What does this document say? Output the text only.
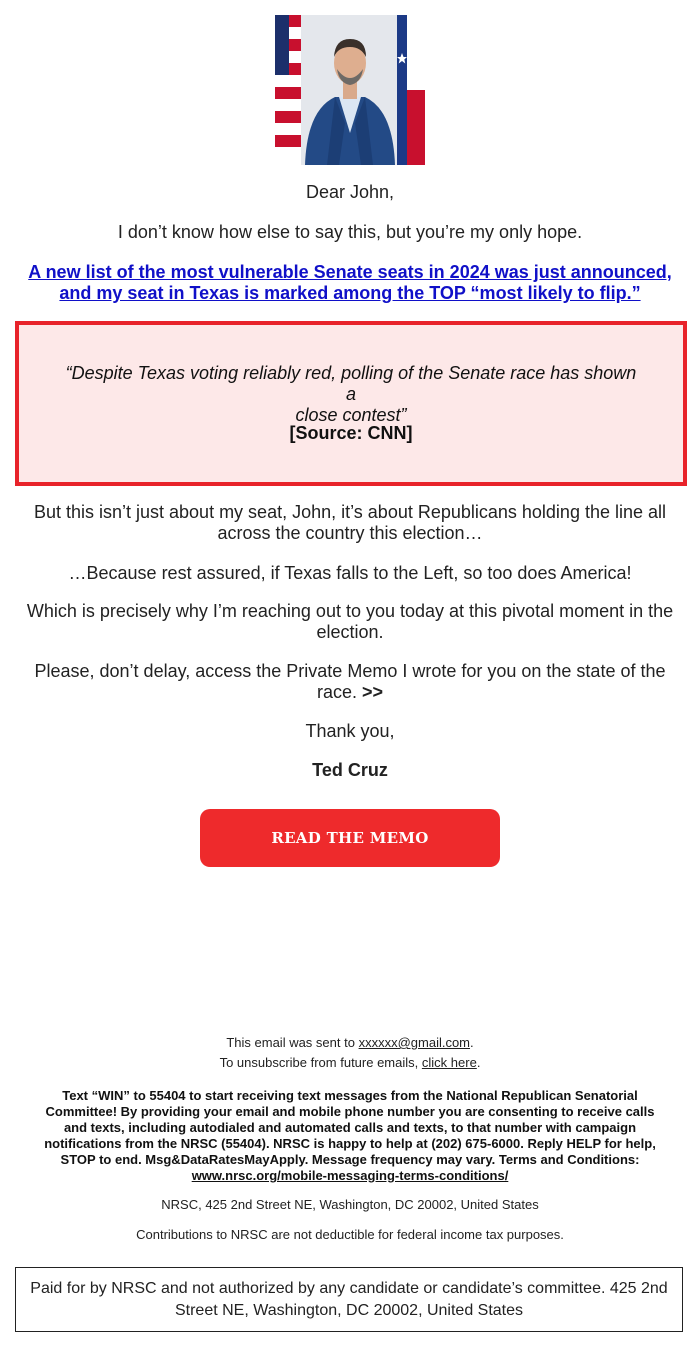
Dear John,

I don’t know how else to say this, but you’re my only hope.

A new list of the most vulnerable Senate seats in 2024 was just announced,
and my seat in Texas is marked among the TOP “most likely to flip.”

“Despite Texas voting reliably red, polling of the Senate race has shown a
close contest”
[Source: CNN]

But this isn’t just about my seat, John, it’s about Republicans holding the line all
across the country this election…

…Because rest assured, if Texas falls to the Left, so too does America!

Which is precisely why I’m reaching out to you today at this pivotal moment in the
election.

Please, don’t delay, access the Private Memo I wrote for you on the state of the
race. >>

Thank you,

Ted Cruz

READ THE MEMO
This email was sent to xxxxxx@gmail.com.
To unsubscribe from future emails, click here.
Text “WIN” to 55404 to start receiving text messages from the National Republican Senatorial
Committee! By providing your email and mobile phone number you are consenting to receive calls
and texts, including autodialed and automated calls and texts, to that number with campaign
notifications from the NRSC (55404). NRSC is happy to help at (202) 675-6000. Reply HELP for help,
STOP to end. Msg&DataRatesMayApply. Message frequency may vary. Terms and Conditions:
www.nrsc.org/mobile-messaging-terms-conditions/
NRSC, 425 2nd Street NE, Washington, DC 20002, United States
Contributions to NRSC are not deductible for federal income tax purposes.
Paid for by NRSC and not authorized by any candidate or candidate’s committee. 425 2nd Street NE, Washington, DC 20002, United States
